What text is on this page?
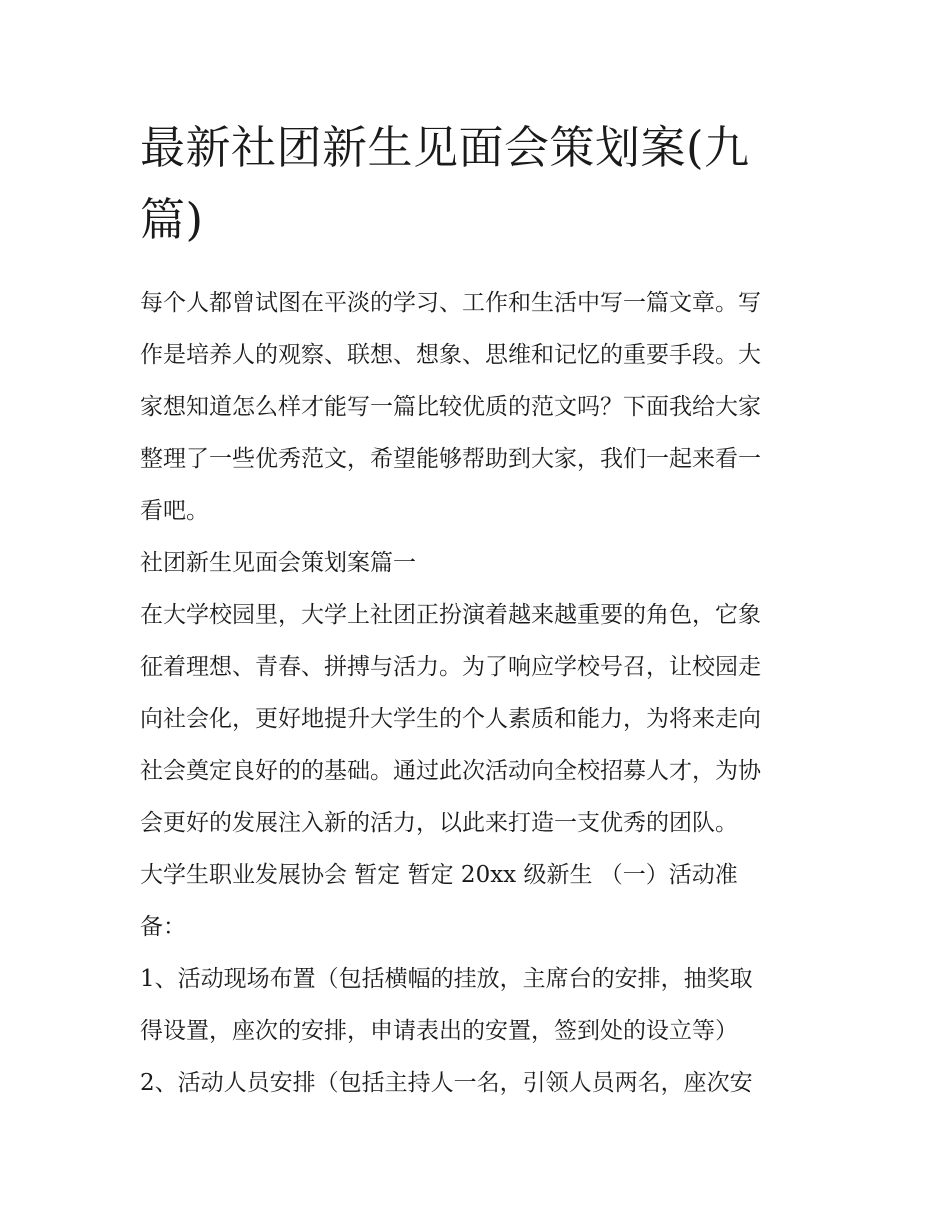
最新社团新生见面会策划案(九
篇)
每个人都曾试图在平淡的学习、工作和生活中写一篇文章。写
作是培养人的观察、联想、想象、思维和记忆的重要手段。大
家想知道怎么样才能写一篇比较优质的范文吗？下面我给大家
整理了一些优秀范文，希望能够帮助到大家，我们一起来看一
看吧。
社团新生见面会策划案篇一
在大学校园里，大学上社团正扮演着越来越重要的角色，它象
征着理想、青春、拼搏与活力。为了响应学校号召，让校园走
向社会化，更好地提升大学生的个人素质和能力，为将来走向
社会奠定良好的的基础。通过此次活动向全校招募人才，为协
会更好的发展注入新的活力，以此来打造一支优秀的团队。
大学生职业发展协会 暂定 暂定 20xx 级新生 （一）活动准
备：
1、活动现场布置（包括横幅的挂放，主席台的安排，抽奖取
得设置，座次的安排，申请表出的安置，签到处的设立等）
2、活动人员安排（包括主持人一名，引领人员两名，座次安
